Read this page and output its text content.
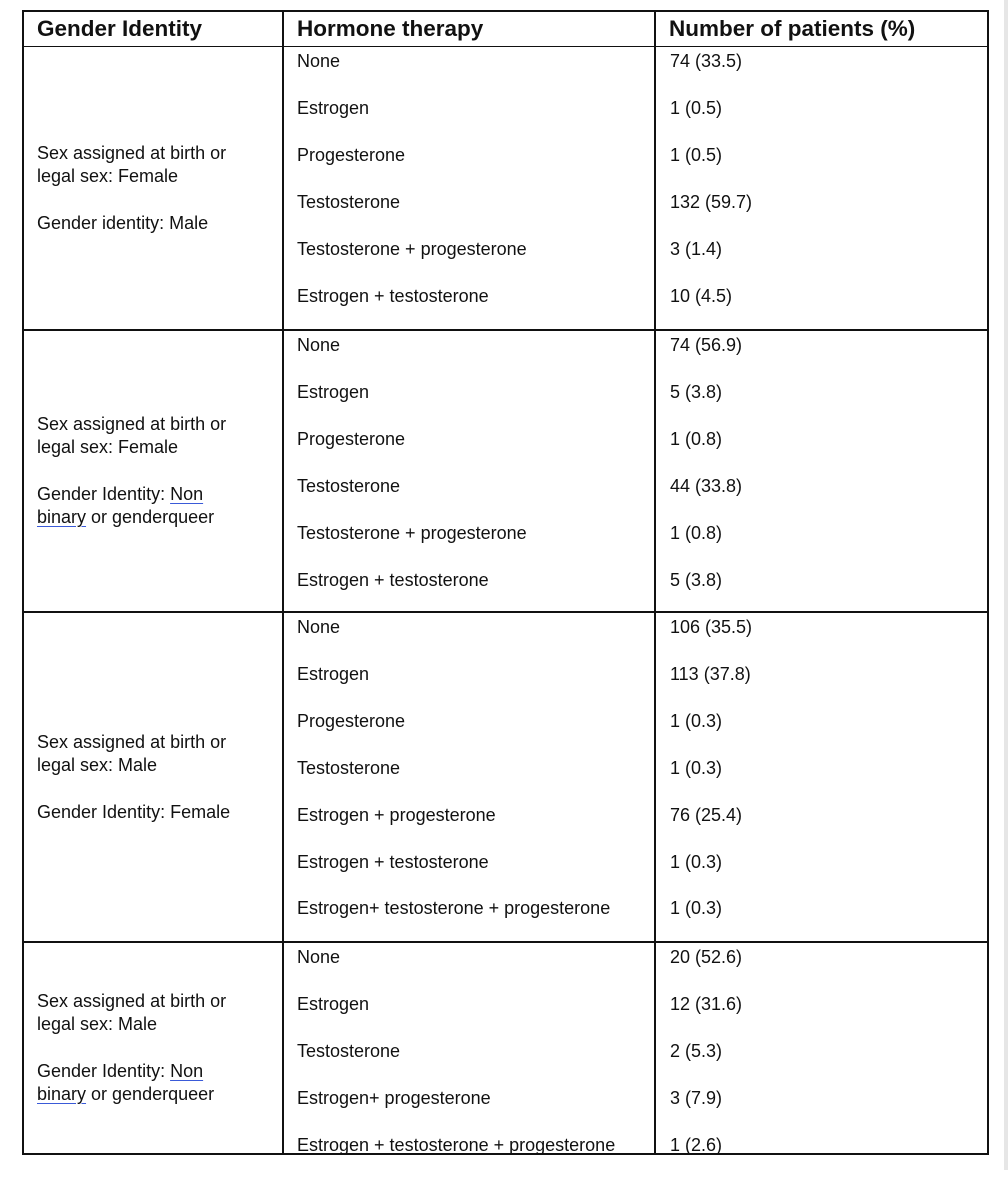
Gender Identity	Hormone therapy	Number of patients (%)
Sex assigned at birth or
legal sex: Female
Gender identity: Male
None	74 (33.5)
Estrogen	1 (0.5)
Progesterone	1 (0.5)
Testosterone	132 (59.7)
Testosterone + progesterone	3 (1.4)
Estrogen + testosterone	10 (4.5)
Sex assigned at birth or
legal sex: Female
Gender Identity: Non
binary or genderqueer
None	74 (56.9)
Estrogen	5 (3.8)
Progesterone	1 (0.8)
Testosterone	44 (33.8)
Testosterone + progesterone	1 (0.8)
Estrogen + testosterone	5 (3.8)
Sex assigned at birth or
legal sex: Male
Gender Identity: Female
None	106 (35.5)
Estrogen	113 (37.8)
Progesterone	1 (0.3)
Testosterone	1 (0.3)
Estrogen + progesterone	76 (25.4)
Estrogen + testosterone	1 (0.3)
Estrogen+ testosterone + progesterone	1 (0.3)
Sex assigned at birth or
legal sex: Male
Gender Identity: Non
binary or genderqueer
None	20 (52.6)
Estrogen	12 (31.6)
Testosterone	2 (5.3)
Estrogen+ progesterone	3 (7.9)
Estrogen + testosterone + progesterone	1 (2.6)
